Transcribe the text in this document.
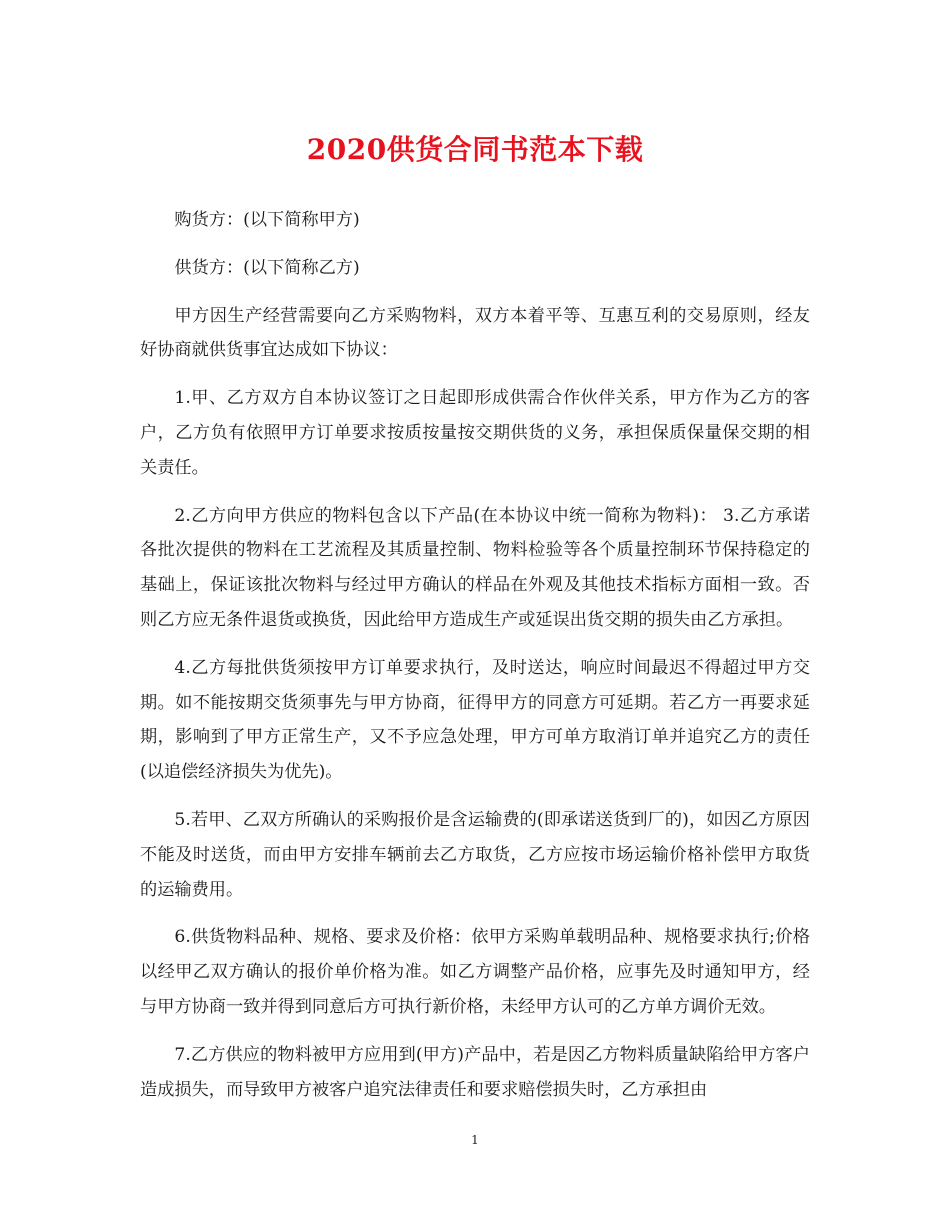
2020供货合同书范本下载

购货方：(以下简称甲方)

供货方：(以下简称乙方)

甲方因生产经营需要向乙方采购物料，双方本着平等、互惠互利的交易原则，经友好协商就供货事宜达成如下协议：

1.甲、乙方双方自本协议签订之日起即形成供需合作伙伴关系，甲方作为乙方的客户，乙方负有依照甲方订单要求按质按量按交期供货的义务，承担保质保量保交期的相关责任。

2.乙方向甲方供应的物料包含以下产品(在本协议中统一简称为物料)： 3.乙方承诺各批次提供的物料在工艺流程及其质量控制、物料检验等各个质量控制环节保持稳定的基础上，保证该批次物料与经过甲方确认的样品在外观及其他技术指标方面相一致。否则乙方应无条件退货或换货，因此给甲方造成生产或延误出货交期的损失由乙方承担。

4.乙方每批供货须按甲方订单要求执行，及时送达，响应时间最迟不得超过甲方交期。如不能按期交货须事先与甲方协商，征得甲方的同意方可延期。若乙方一再要求延期，影响到了甲方正常生产，又不予应急处理，甲方可单方取消订单并追究乙方的责任(以追偿经济损失为优先)。

5.若甲、乙双方所确认的采购报价是含运输费的(即承诺送货到厂的)，如因乙方原因不能及时送货，而由甲方安排车辆前去乙方取货，乙方应按市场运输价格补偿甲方取货的运输费用。

6.供货物料品种、规格、要求及价格：依甲方采购单载明品种、规格要求执行;价格以经甲乙双方确认的报价单价格为准。如乙方调整产品价格，应事先及时通知甲方，经与甲方协商一致并得到同意后方可执行新价格，未经甲方认可的乙方单方调价无效。

7.乙方供应的物料被甲方应用到(甲方)产品中，若是因乙方物料质量缺陷给甲方客户造成损失，而导致甲方被客户追究法律责任和要求赔偿损失时，乙方承担由

1
